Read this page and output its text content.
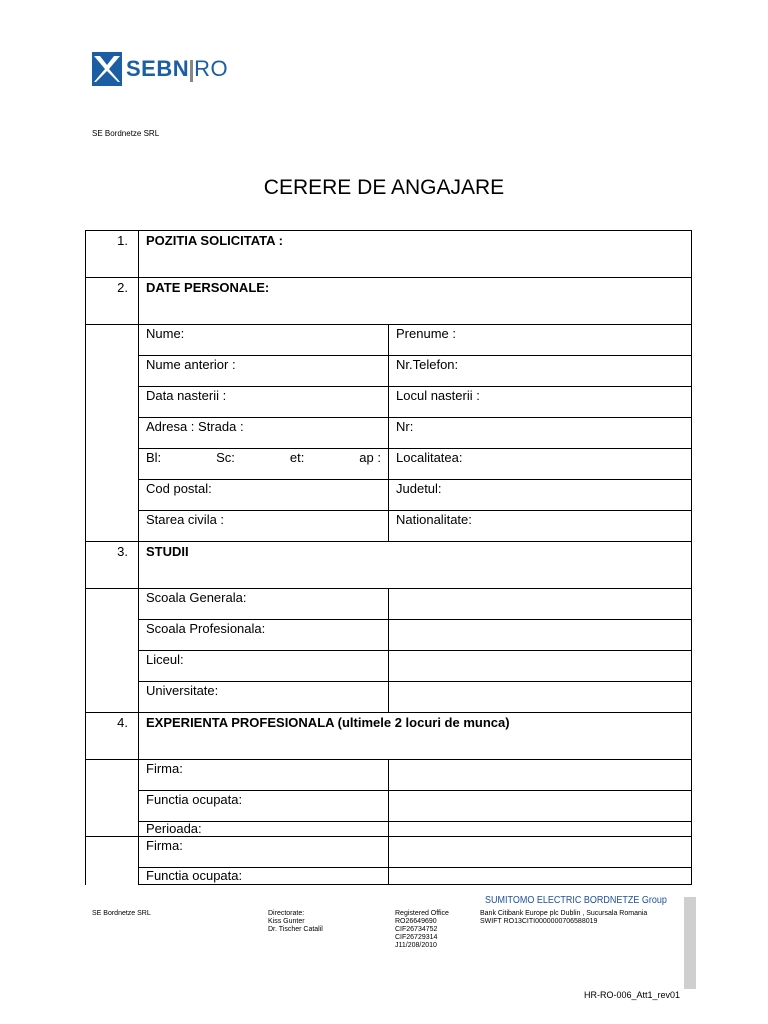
SEBN RO
SE Bordnetze SRL
CERERE DE ANGAJARE
1.	POZITIA SOLICITATA :	
2.	DATE PERSONALE:	
	Nume:	Prenume :
	Nume anterior :	Nr.Telefon:
	Data nasterii :	Locul nasterii :
	Adresa : Strada :	Nr:

	Bl: Sc: et: ap :	Localitatea:
	Cod postal:	Judetul:
	Starea civila :	Nationalitate:
3.	STUDII	
	Scoala Generala:	
	Scoala Profesionala:	
	Liceul:	
	Universitate:	
4.	EXPERIENTA PROFESIONALA (ultimele 2 locuri de munca)	
	Firma:	
	Functia ocupata:	
	Perioada:	
	Firma:	
	Functia ocupata:	
SUMITOMO ELECTRIC BORDNETZE Group
SE Bordnetze SRL	Directorate:
Kiss Gunter
Dr. Tischer Catalil
Registered Office
RO26649690
CIF26734752
CIF26729314
J11/208/2010
Bank Citibank Europe plc Dublin , Sucursala Romania
SWIFT RO13CITI0000000706588019
HR-RO-006_Att1_rev01
